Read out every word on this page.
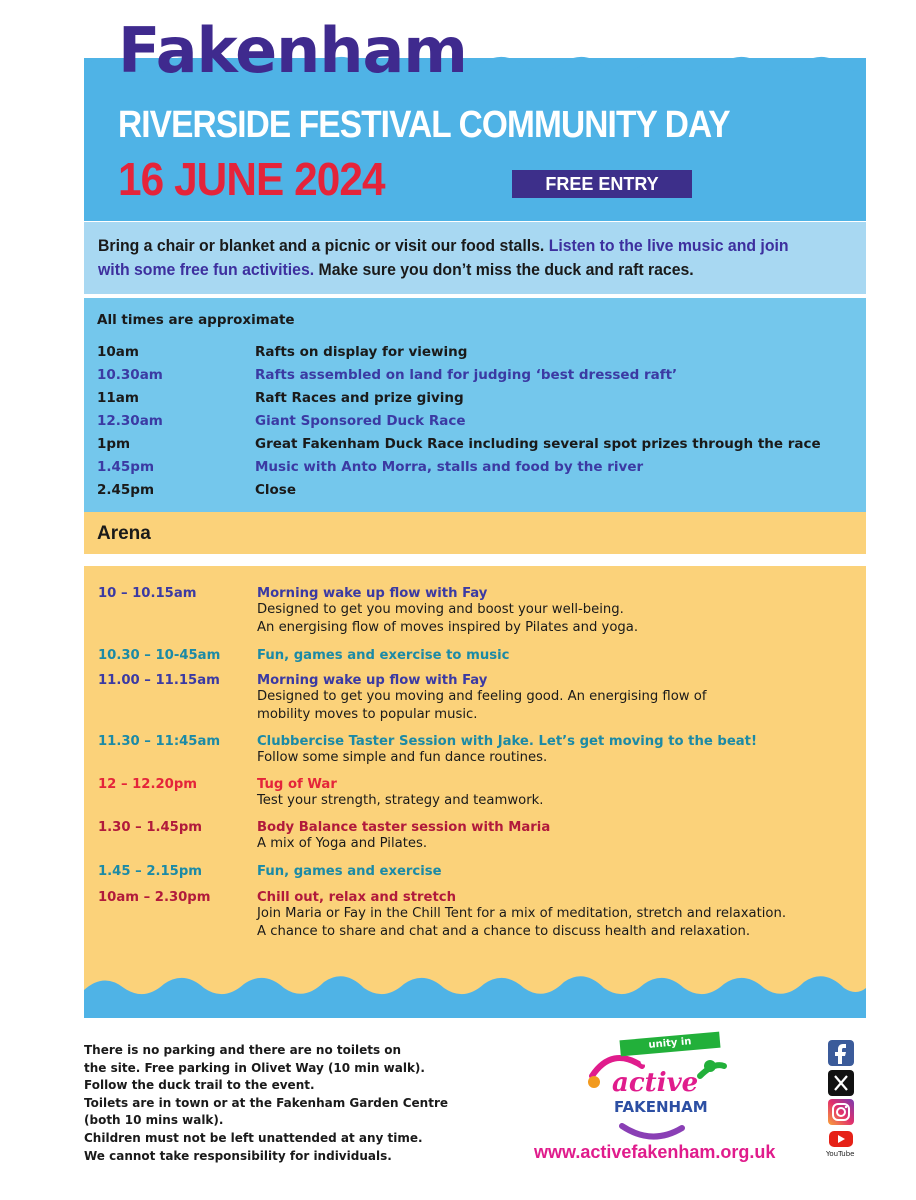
Fakenham
RIVERSIDE FESTIVAL COMMUNITY DAY
16 JUNE 2024	FREE ENTRY

Bring a chair or blanket and a picnic or visit our food stalls. Listen to the live music and join with some free fun activities. Make sure you don’t miss the duck and raft races.

All times are approximate
10am	Rafts on display for viewing
10.30am	Rafts assembled on land for judging ‘best dressed raft’
11am	Raft Races and prize giving
12.30am	Giant Sponsored Duck Race
1pm	Great Fakenham Duck Race including several spot prizes through the race
1.45pm	Music with Anto Morra, stalls and food by the river
2.45pm	Close
Arena
10 – 10.15am	Morning wake up flow with Fay
Designed to get you moving and boost your well-being.
An energising flow of moves inspired by Pilates and yoga.
10.30 – 10-45am	Fun, games and exercise to music
11.00 – 11.15am	Morning wake up flow with Fay
Designed to get you moving and feeling good. An energising flow of
mobility moves to popular music.
11.30 – 11:45am	Clubbercise Taster Session with Jake. Let’s get moving to the beat!
Follow some simple and fun dance routines.
12 – 12.20pm	Tug of War
Test your strength, strategy and teamwork.
1.30 – 1.45pm	Body Balance taster session with Maria
A mix of Yoga and Pilates.
1.45 – 2.15pm	Fun, games and exercise
10am – 2.30pm	Chill out, relax and stretch
Join Maria or Fay in the Chill Tent for a mix of meditation, stretch and relaxation.
A chance to share and chat and a chance to discuss health and relaxation.
There is no parking and there are no toilets on
the site. Free parking in Olivet Way (10 min walk).
Follow the duck trail to the event.
Toilets are in town or at the Fakenham Garden Centre
(both 10 mins walk).
Children must not be left unattended at any time.
We cannot take responsibility for individuals.
unity in community
active
FAKENHAM
www.activefakenham.org.uk	YouTube
